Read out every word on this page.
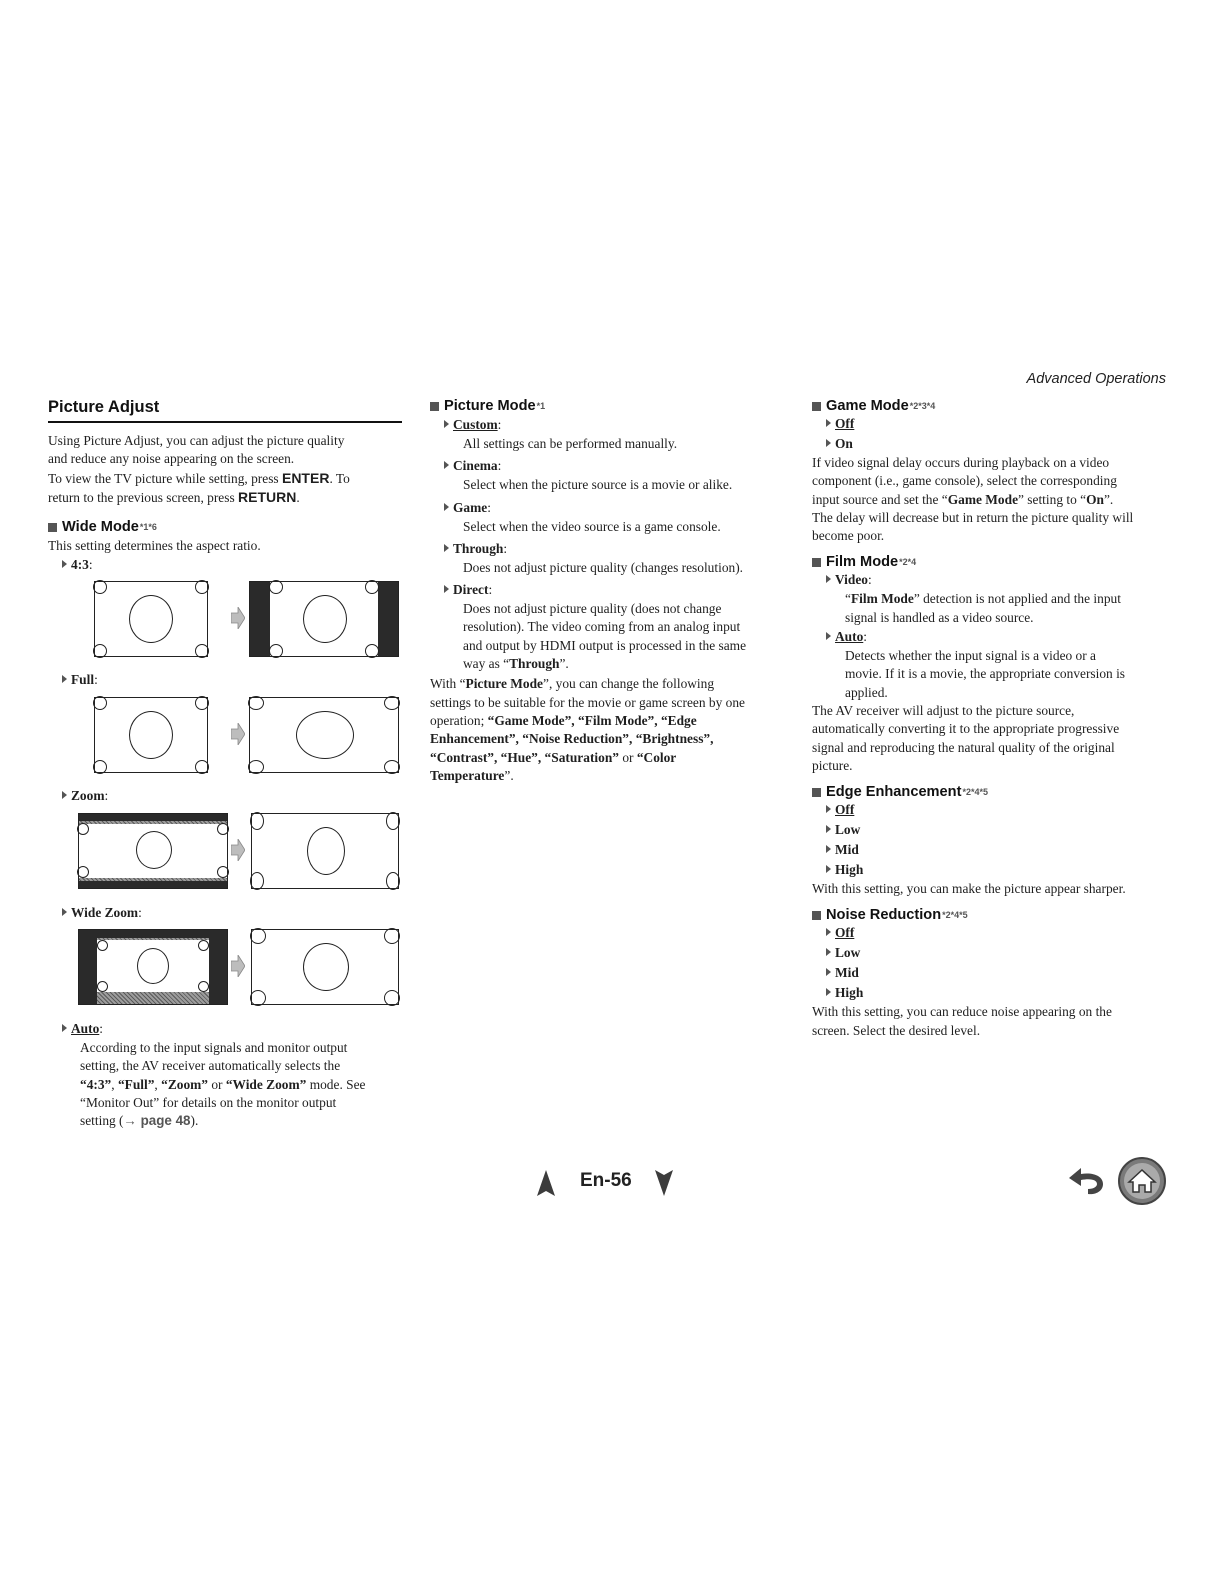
Advanced Operations
Picture Adjust

Using Picture Adjust, you can adjust the picture quality

and reduce any noise appearing on the screen.

To view the TV picture while setting, press ENTER. To

return to the previous screen, press RETURN.

Wide Mode *1*6

This setting determines the aspect ratio.

4:3 :
Full :
Zoom :
Wide Zoom :
Auto :

According to the input signals and monitor output

setting, the AV receiver automatically selects the

“4:3”, “Full”, “Zoom” or “Wide Zoom” mode. See

“Monitor Out” for details on the monitor output

setting (→ page 48).

Picture Mode *1
Custom :

All settings can be performed manually.

Cinema :

Select when the picture source is a movie or alike.

Game :

Select when the video source is a game console.

Through :

Does not adjust picture quality (changes resolution).

Direct :

Does not adjust picture quality (does not change

resolution). The video coming from an analog input

and output by HDMI output is processed in the same

way as “Through”.

With “Picture Mode”, you can change the following

settings to be suitable for the movie or game screen by one

operation; “Game Mode”, “Film Mode”, “Edge

Enhancement”, “Noise Reduction”, “Brightness”,

“Contrast”, “Hue”, “Saturation” or “Color

Temperature”.

Game Mode *2*3*4
Off
On

If video signal delay occurs during playback on a video

component (i.e., game console), select the corresponding

input source and set the “Game Mode” setting to “On”.

The delay will decrease but in return the picture quality will

become poor.

Film Mode *2*4
Video :

“Film Mode” detection is not applied and the input

signal is handled as a video source.

Auto :

Detects whether the input signal is a video or a

movie. If it is a movie, the appropriate conversion is

applied.

The AV receiver will adjust to the picture source,

automatically converting it to the appropriate progressive

signal and reproducing the natural quality of the original

picture.

Edge Enhancement *2*4*5
Off
Low
Mid
High

With this setting, you can make the picture appear sharper.

Noise Reduction *2*4*5
Off
Low
Mid
High

With this setting, you can reduce noise appearing on the

screen. Select the desired level.

En-56
